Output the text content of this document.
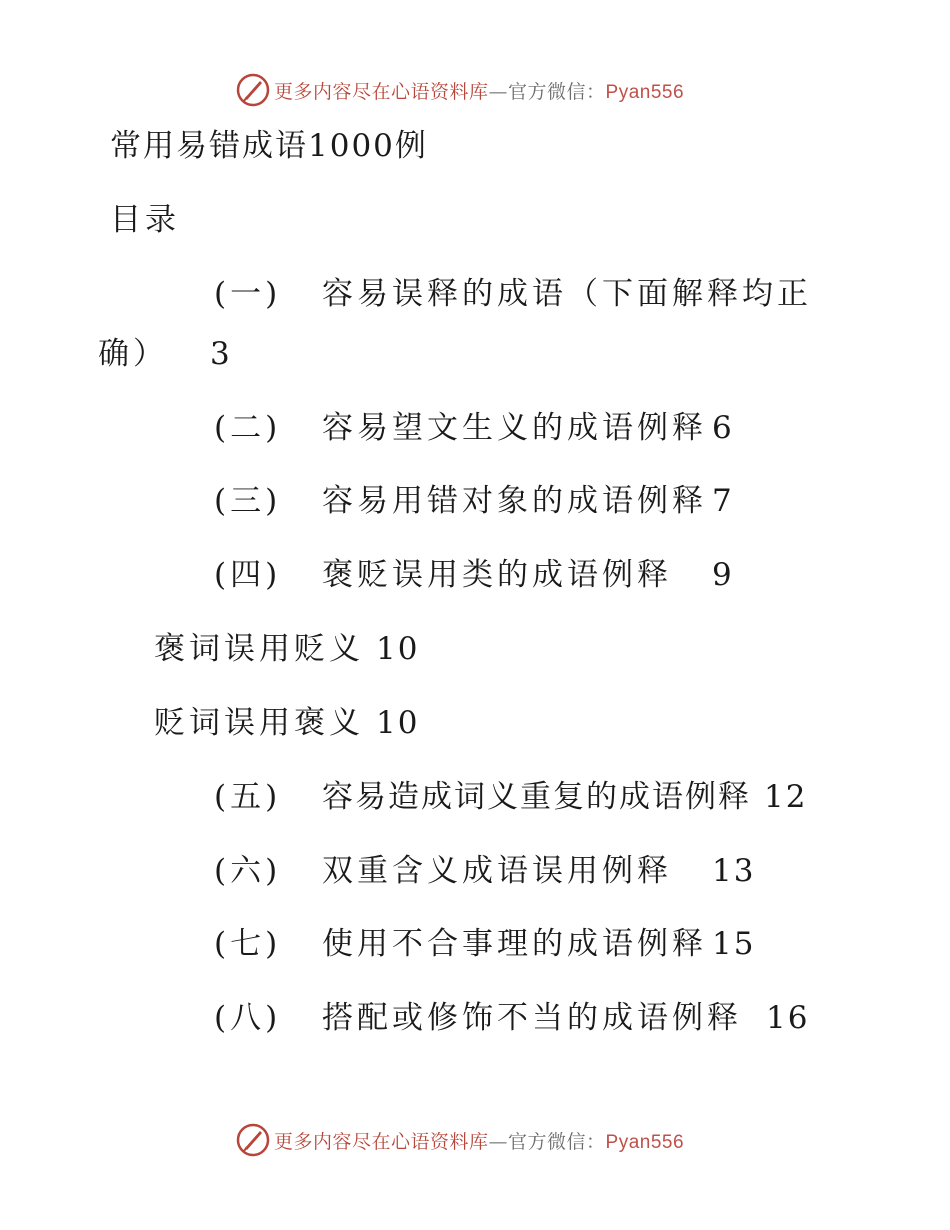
更多内容尽在心语资料库—官方微信：Pyan556
常用易错成语1000例
目录
(一) 容易误释的成语（下面解释均正
确） 3
(二) 容易望文生义的成语例释 6
(三) 容易用错对象的成语例释 7
(四) 褒贬误用类的成语例释 9
褒词误用贬义 10
贬词误用褒义 10
(五) 容易造成词义重复的成语例释 12
(六) 双重含义成语误用例释 13
(七) 使用不合事理的成语例释 15
(八) 搭配或修饰不当的成语例释 16
更多内容尽在心语资料库—官方微信：Pyan556
